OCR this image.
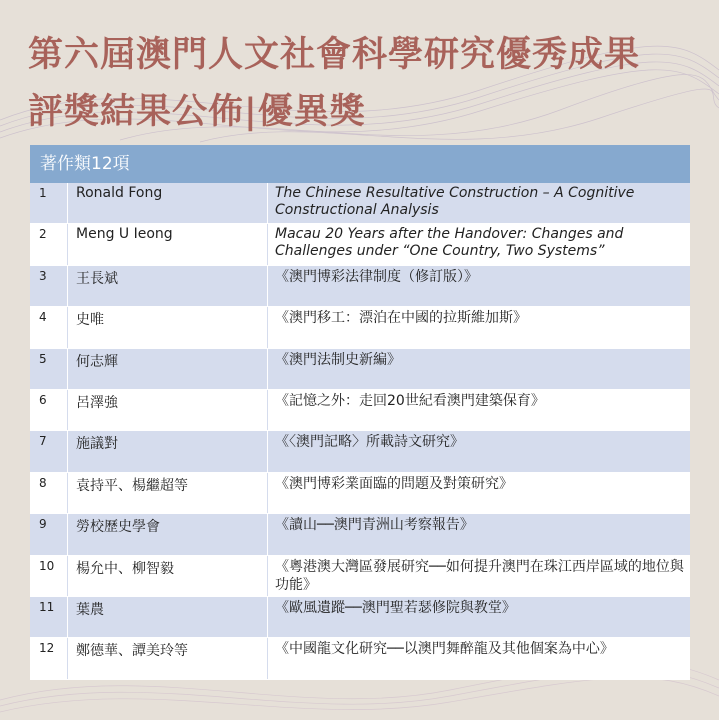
第六屆澳門人文社會科學研究優秀成果
評獎結果公佈|優異獎
著作類12項
1	Ronald Fong	The Chinese Resultative Construction – A Cognitive Constructional Analysis
2	Meng U Ieong	Macau 20 Years after the Handover: Changes and Challenges under “One Country, Two Systems”
3	王長斌	《澳門博彩法律制度（修訂版）》
4	史唯	《澳門移工：漂泊在中國的拉斯維加斯》
5	何志輝	《澳門法制史新編》
6	呂澤強	《記憶之外：走回20世紀看澳門建築保育》
7	施議對	《〈澳門記略〉所載詩文研究》
8	袁持平、楊繼超等	《澳門博彩業面臨的問題及對策研究》
9	勞校歷史學會	《讀山──澳門青洲山考察報告》
10	楊允中、柳智毅	《粵港澳大灣區發展研究──如何提升澳門在珠江西岸區域的地位與功能》
11	葉農	《歐風遺蹤──澳門聖若瑟修院與教堂》
12	鄭德華、譚美玲等	《中國龍文化研究──以澳門舞醉龍及其他個案為中心》
